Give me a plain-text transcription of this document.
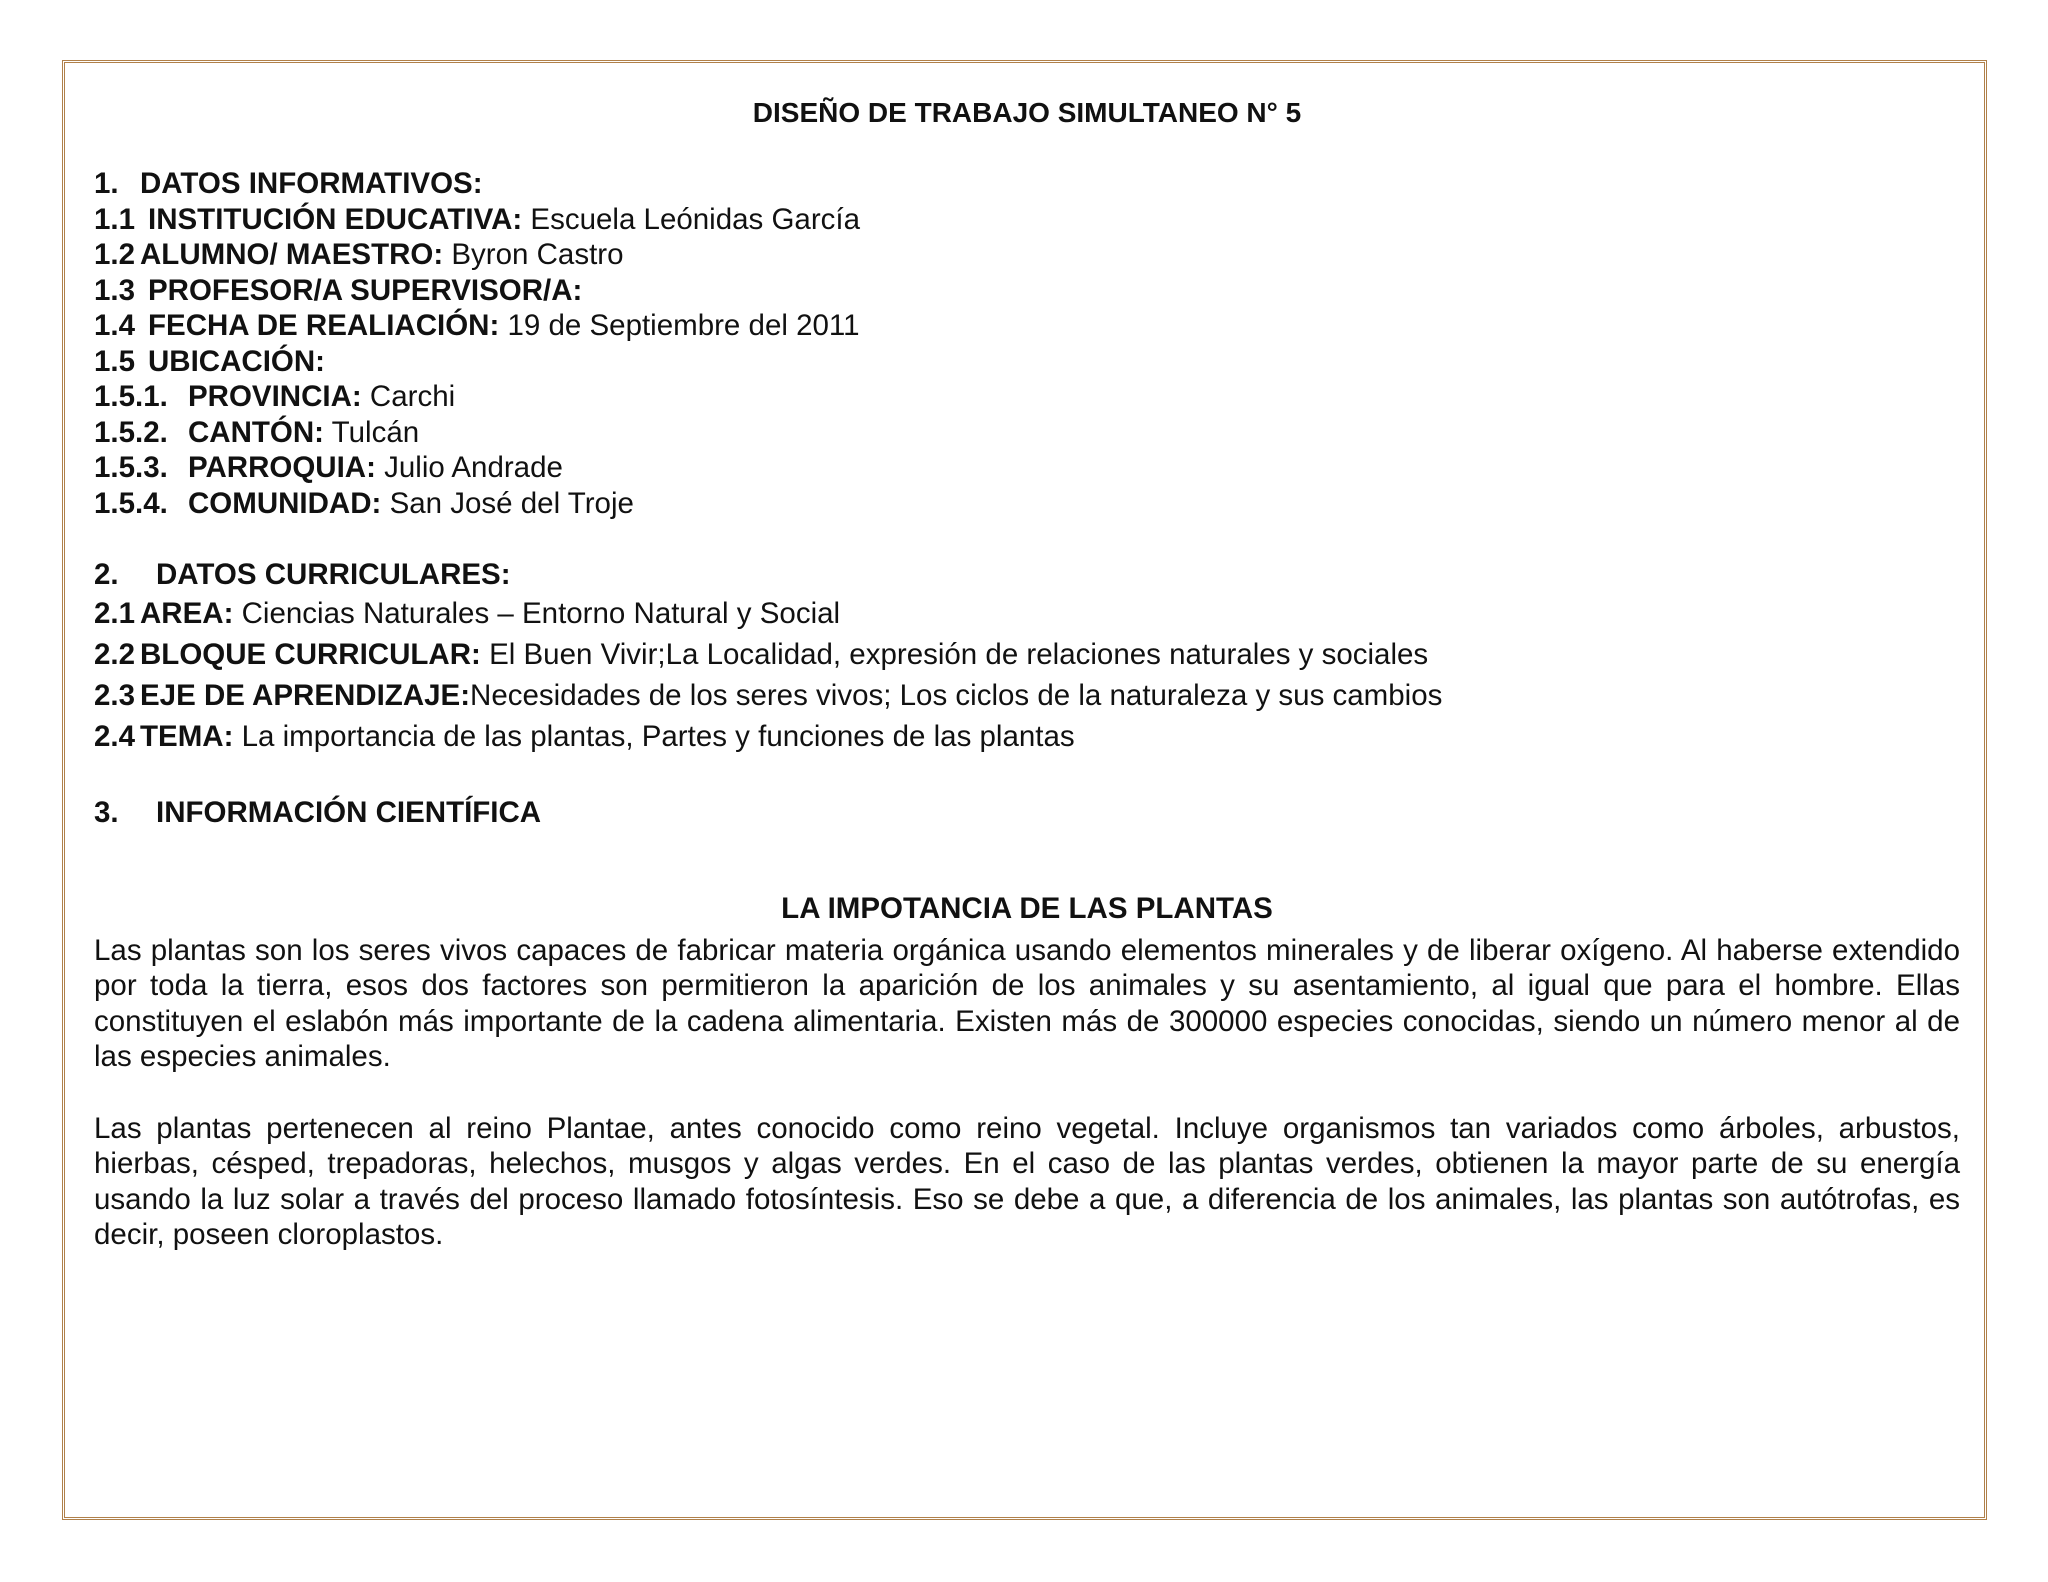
DISEÑO DE TRABAJO SIMULTANEO N° 5
1. DATOS INFORMATIVOS:
1.1 INSTITUCIÓN EDUCATIVA: Escuela Leónidas García
1.2 ALUMNO/ MAESTRO: Byron Castro
1.3 PROFESOR/A SUPERVISOR/A:
1.4 FECHA DE REALIACIÓN: 19 de Septiembre del 2011
1.5 UBICACIÓN:
1.5.1. PROVINCIA: Carchi
1.5.2. CANTÓN: Tulcán
1.5.3. PARROQUIA: Julio Andrade
1.5.4. COMUNIDAD: San José del Troje
2. DATOS CURRICULARES:
2.1 AREA: Ciencias Naturales – Entorno Natural y Social
2.2 BLOQUE CURRICULAR: El Buen Vivir;La Localidad, expresión de relaciones naturales y sociales
2.3 EJE DE APRENDIZAJE:Necesidades de los seres vivos; Los ciclos de la naturaleza y sus cambios
2.4 TEMA: La importancia de las plantas, Partes y funciones de las plantas
3. INFORMACIÓN CIENTÍFICA
LA IMPOTANCIA DE LAS PLANTAS

Las plantas son los seres vivos capaces de fabricar materia orgánica usando elementos minerales y de liberar oxígeno. Al haberse extendido por toda la tierra, esos dos factores son permitieron la aparición de los animales y su asentamiento, al igual que para el hombre. Ellas constituyen el eslabón más importante de la cadena alimentaria. Existen más de 300000 especies conocidas, siendo un número menor al de las especies animales.

Las plantas pertenecen al reino Plantae, antes conocido como reino vegetal. Incluye organismos tan variados como árboles, arbustos, hierbas, césped, trepadoras, helechos, musgos y algas verdes. En el caso de las plantas verdes, obtienen la mayor parte de su energía usando la luz solar a través del proceso llamado fotosíntesis. Eso se debe a que, a diferencia de los animales, las plantas son autótrofas, es decir, poseen cloroplastos.
